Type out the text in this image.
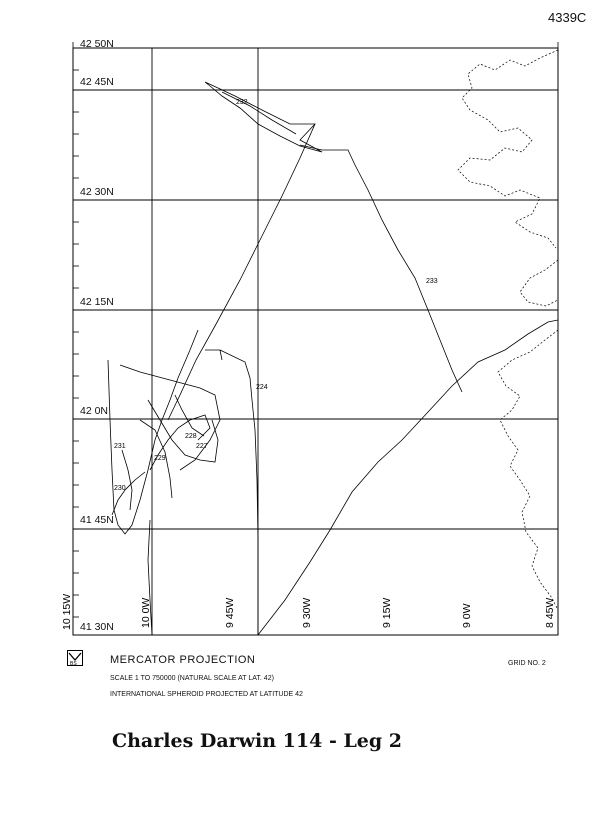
4339C
232
233
224
231
230
229
228
227
10 15W	10 0W	9 45W	9 30W	9 15W	9 0W	8 45W
42 50N
42 45N
42 30N
42 15N
42 0N
41 45N
41 30N
BS	MERCATOR PROJECTION
SCALE 1 TO 750000 (NATURAL SCALE AT LAT. 42)
INTERNATIONAL SPHEROID PROJECTED AT LATITUDE 42
GRID NO. 2
Charles Darwin 114 - Leg 2
